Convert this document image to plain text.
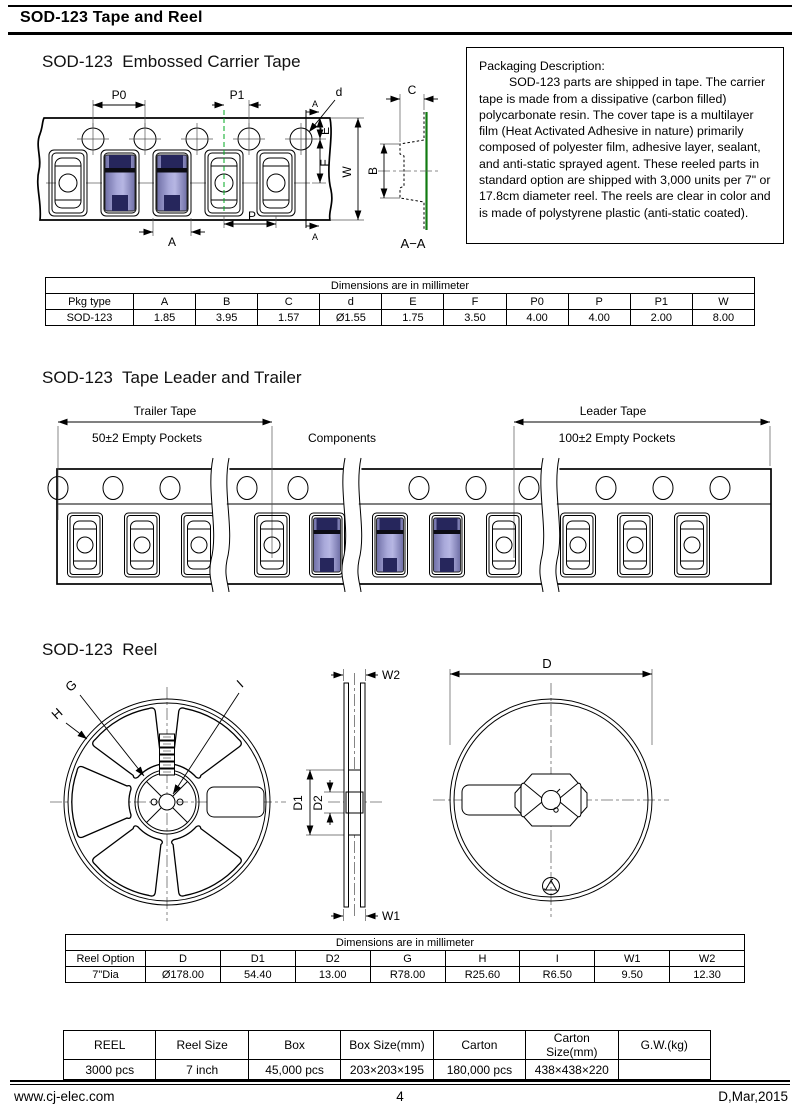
SOD-123 Tape and Reel
SOD-123  Embossed Carrier Tape	Packaging Description:
SOD-123 parts are shipped in tape. The carrier tape is made from a dissipative (carbon filled) polycarbonate resin. The cover tape is a multilayer film (Heat Activated Adhesive in nature) primarily composed of polyester film, adhesive layer, sealant, and anti-static sprayed agent. These reeled parts in standard option are shipped with 3,000 units per 7" or 17.8cm diameter reel. The reels are clear in color and is made of polystyrene plastic (anti-static coated).
P0	P1	d
A
A
E
F
W
P
A
C
B
A−A
Dimensions are in millimeter										
Pkg type	A	B	C	d	E	F	P0	P	P1	W
SOD-123	1.85	3.95	1.57	Ø1.55	1.75	3.50	4.00	4.00	2.00	8.00
SOD-123  Tape Leader and Trailer
Trailer Tape
50±2 Empty Pockets	Components
Leader Tape
100±2 Empty Pockets
SOD-123  Reel
G
H
I
D1 D2
W2
W1
D
Dimensions are in millimeter								
Reel Option	D	D1	D2	G	H	I	W1	W2
7"Dia	Ø178.00	54.40	13.00	R78.00	R25.60	R6.50	9.50	12.30
REEL	Reel Size	Box	Box Size(mm)	Carton	Carton Size(mm)	G.W.(kg)
3000 pcs	7 inch	45,000 pcs	203×203×195	180,000 pcs	438×438×220	
www.cj-elec.com	4	D,Mar,2015
